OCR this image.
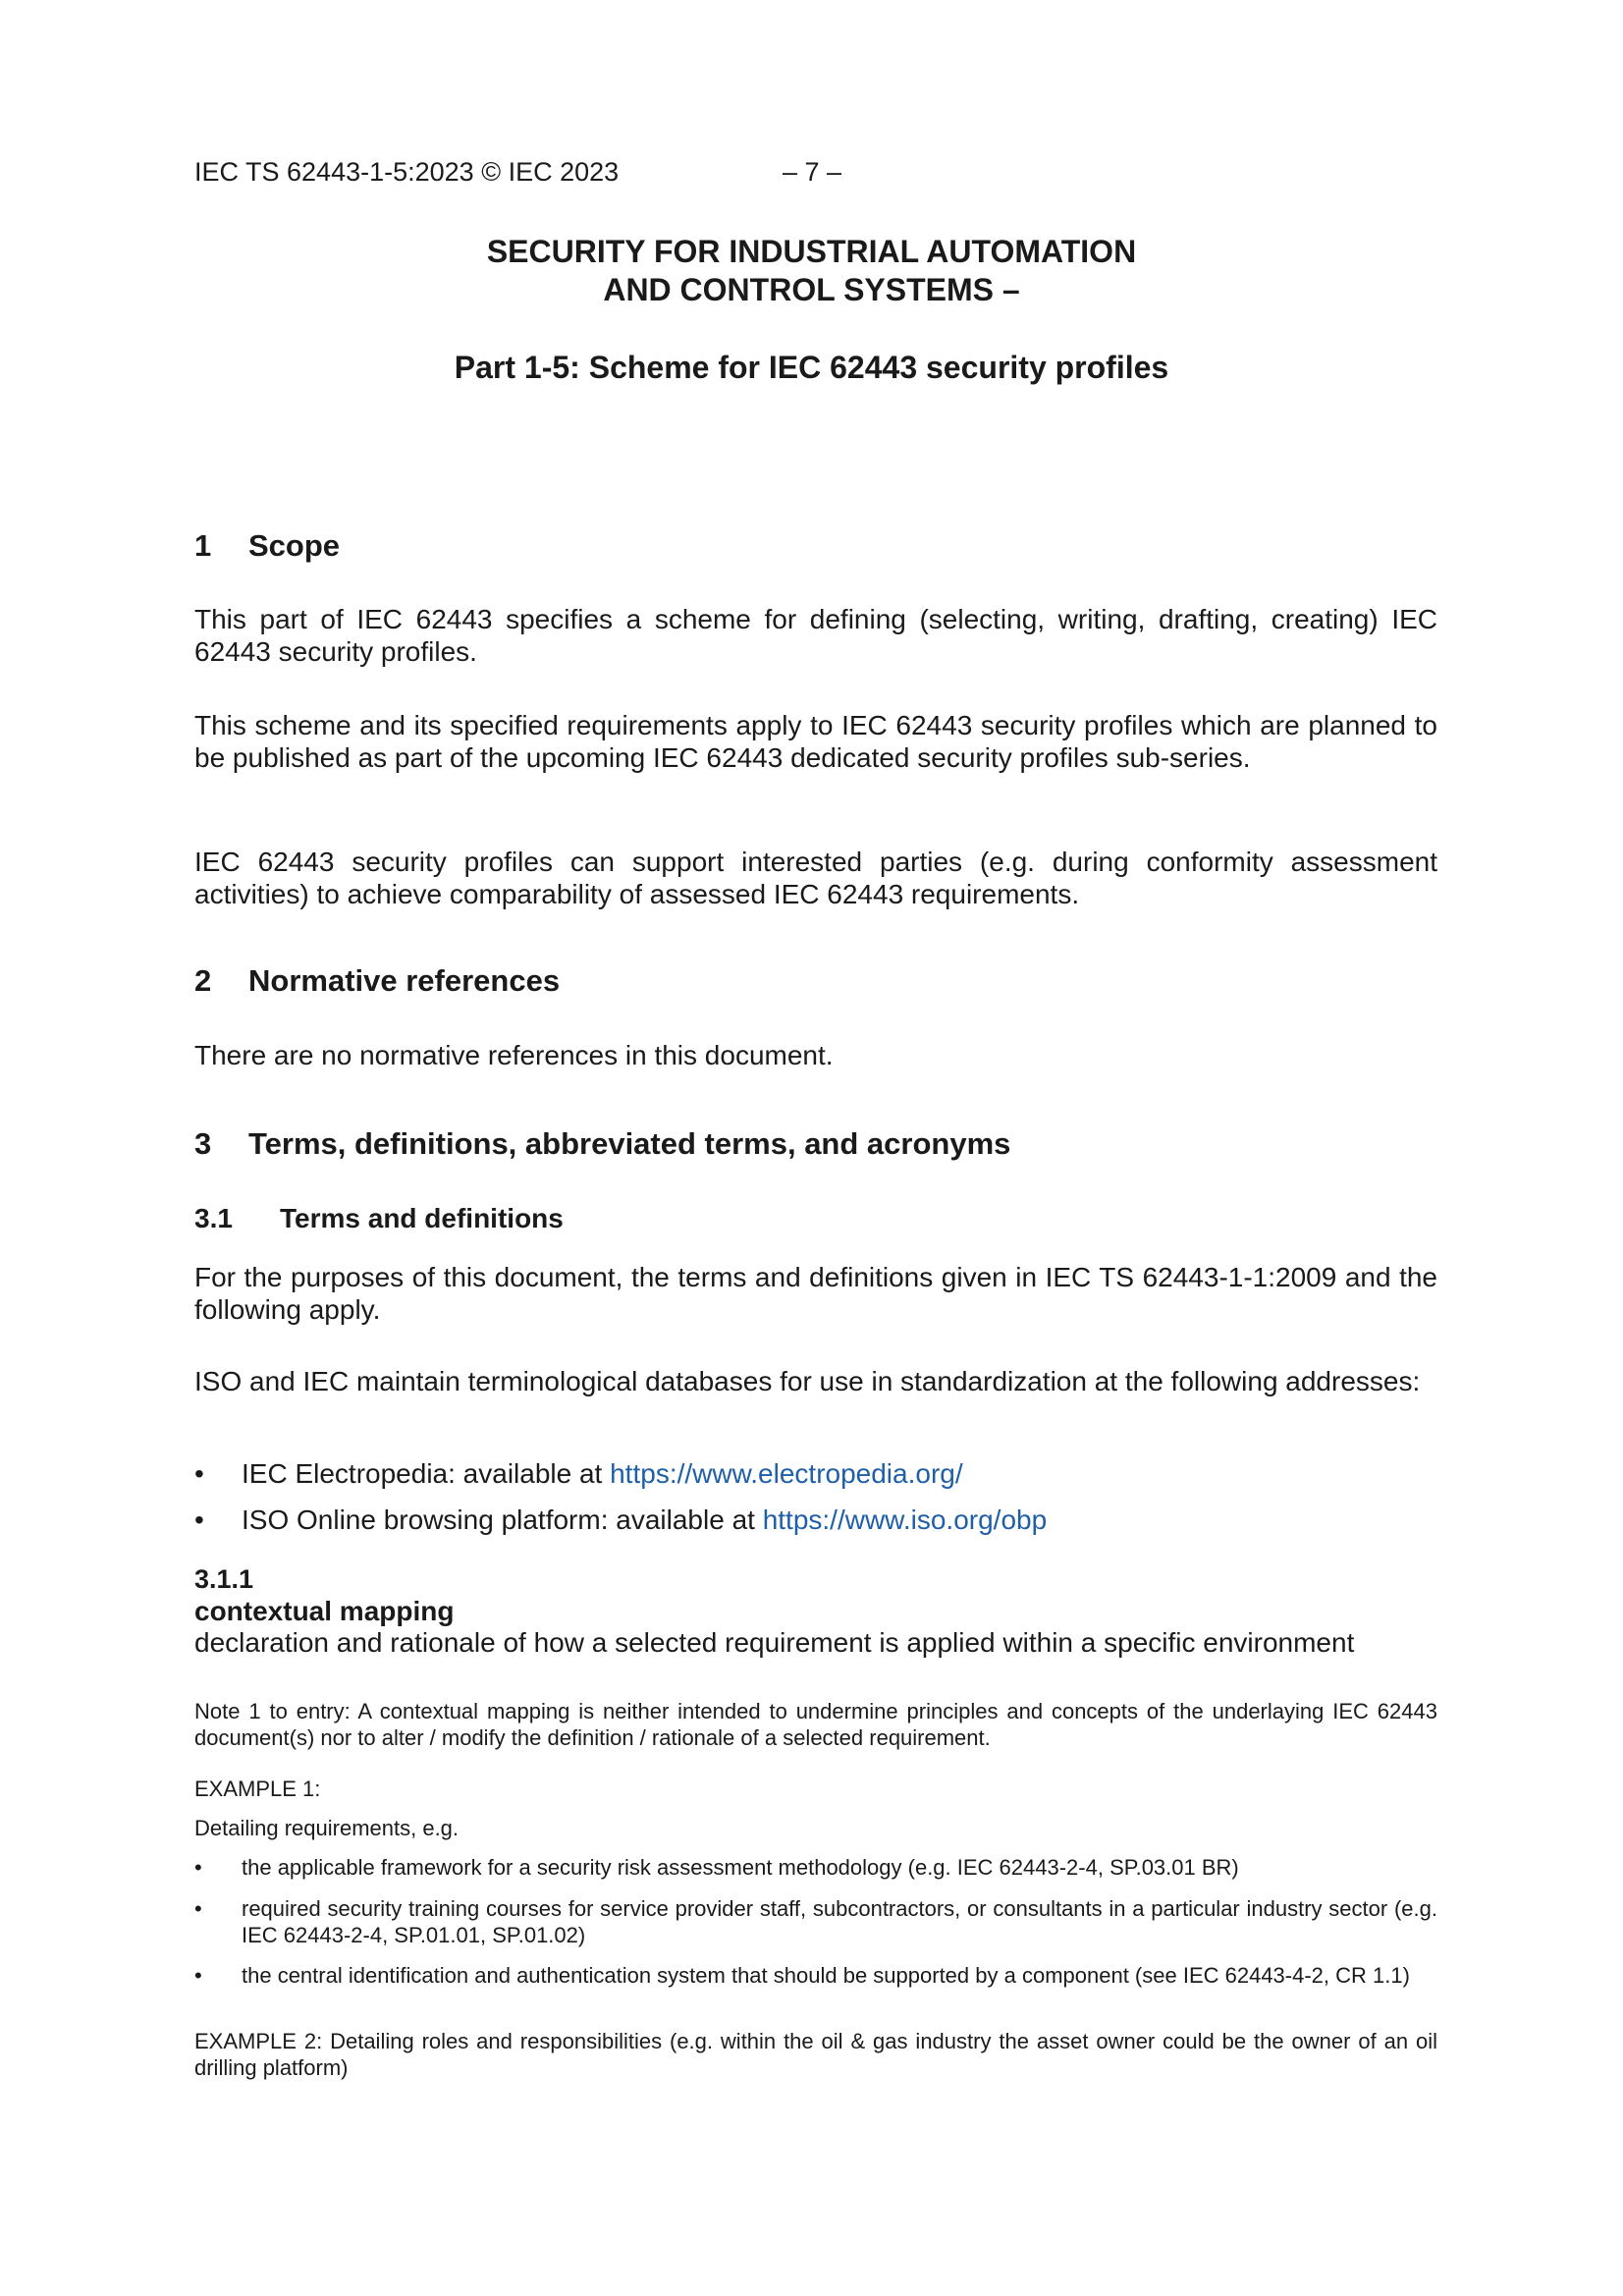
IEC TS 62443-1-5:2023 © IEC 2023	– 7 –
SECURITY FOR INDUSTRIAL AUTOMATION
AND CONTROL SYSTEMS –
Part 1-5: Scheme for IEC 62443 security profiles
1 Scope
This part of IEC 62443 specifies a scheme for defining (selecting, writing, drafting, creating) IEC 62443 security profiles.
This scheme and its specified requirements apply to IEC 62443 security profiles which are planned to be published as part of the upcoming IEC 62443 dedicated security profiles sub-series.
IEC 62443 security profiles can support interested parties (e.g. during conformity assessment activities) to achieve comparability of assessed IEC 62443 requirements.
2 Normative references
There are no normative references in this document.
3 Terms, definitions, abbreviated terms, and acronyms
3.1 Terms and definitions
For the purposes of this document, the terms and definitions given in IEC TS 62443-1-1:2009 and the following apply.
ISO and IEC maintain terminological databases for use in standardization at the following addresses:
• IEC Electropedia: available at https://www.electropedia.org/
• ISO Online browsing platform: available at https://www.iso.org/obp
3.1.1
contextual mapping
declaration and rationale of how a selected requirement is applied within a specific environment
Note 1 to entry: A contextual mapping is neither intended to undermine principles and concepts of the underlaying IEC 62443 document(s) nor to alter / modify the definition / rationale of a selected requirement.
EXAMPLE 1:
Detailing requirements, e.g.
• the applicable framework for a security risk assessment methodology (e.g. IEC 62443-2-4, SP.03.01 BR)
• required security training courses for service provider staff, subcontractors, or consultants in a particular industry sector (e.g. IEC 62443-2-4, SP.01.01, SP.01.02)
• the central identification and authentication system that should be supported by a component (see IEC 62443-4-2, CR 1.1)
EXAMPLE 2: Detailing roles and responsibilities (e.g. within the oil & gas industry the asset owner could be the owner of an oil drilling platform)
